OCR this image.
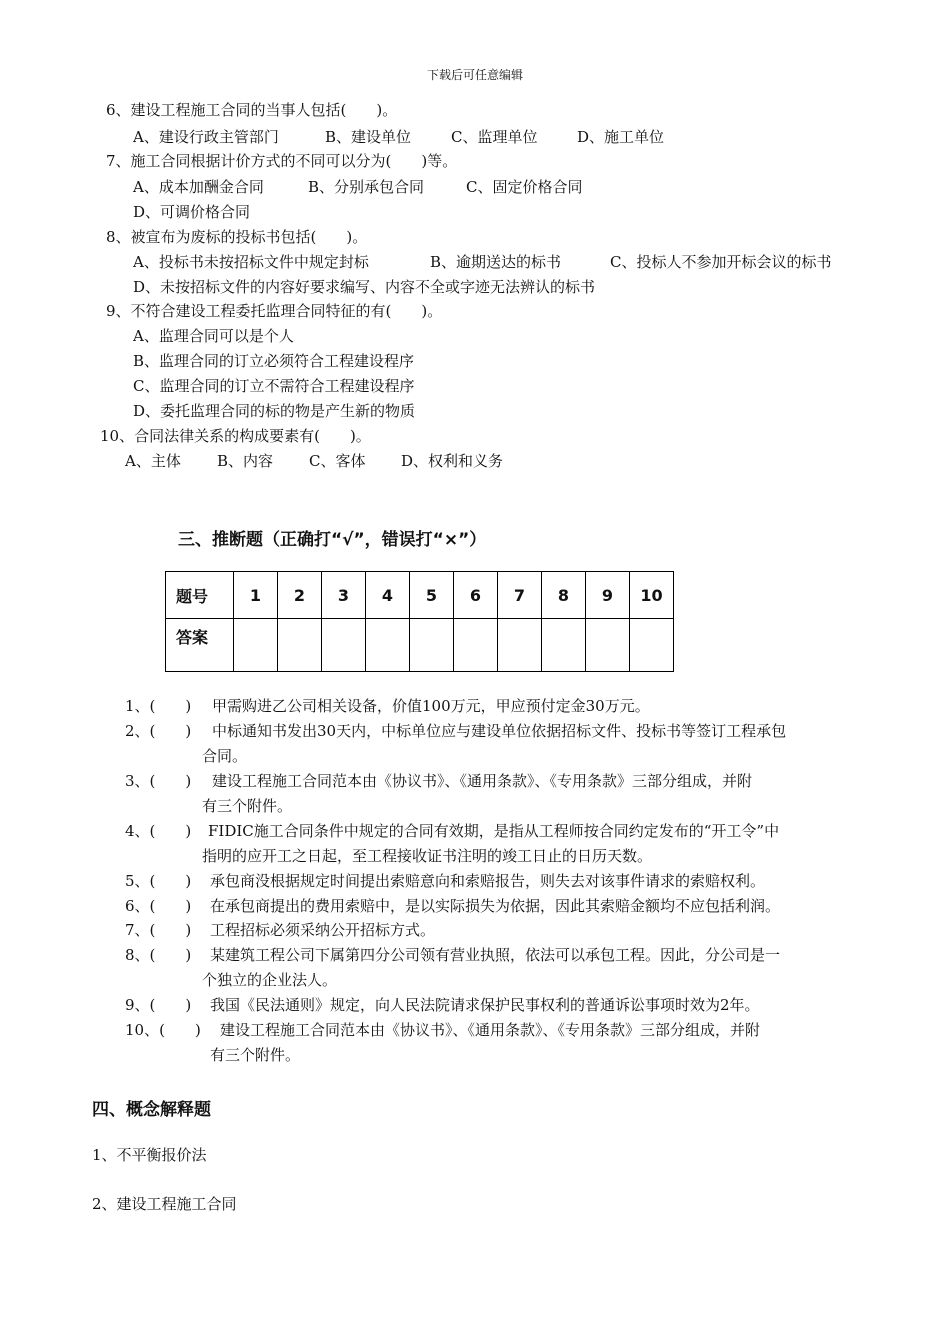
下载后可任意编辑
6、建设工程施工合同的当事人包括(　　)。
A、建设行政主管部门	B、建设单位	C、监理单位	D、施工单位
7、施工合同根据计价方式的不同可以分为(　　)等。
A、成本加酬金合同	B、分别承包合同	C、固定价格合同
D、可调价格合同
8、被宣布为废标的投标书包括(　　)。
A、投标书未按招标文件中规定封标	B、逾期送达的标书	C、投标人不参加开标会议的标书
D、未按招标文件的内容好要求编写、内容不全或字迹无法辨认的标书
9、不符合建设工程委托监理合同特征的有(　　)。
A、监理合同可以是个人
B、监理合同的订立必须符合工程建设程序
C、监理合同的订立不需符合工程建设程序
D、委托监理合同的标的物是产生新的物质
10、合同法律关系的构成要素有(　　)。
A、主体 B、内容 C、客体 D、权利和义务
三、推断题（正确打“√”，错误打“×”）
题号	1	2	3	4	5	6	7	8	9	10
答案										
1、(　　) 甲需购进乙公司相关设备，价值100万元，甲应预付定金30万元。
2、(　　) 中标通知书发出30天内，中标单位应与建设单位依据招标文件、投标书等签订工程承包
合同。
3、(　　) 建设工程施工合同范本由《协议书》、《通用条款》、《专用条款》三部分组成，并附
有三个附件。
4、(　　) FIDIC施工合同条件中规定的合同有效期，是指从工程师按合同约定发布的“开工令”中
指明的应开工之日起，至工程接收证书注明的竣工日止的日历天数。
5、(　　) 承包商没根据规定时间提出索赔意向和索赔报告，则失去对该事件请求的索赔权利。
6、(　　) 在承包商提出的费用索赔中，是以实际损失为依据，因此其索赔金额均不应包括利润。
7、(　　) 工程招标必须采纳公开招标方式。
8、(　　) 某建筑工程公司下属第四分公司领有营业执照，依法可以承包工程。因此，分公司是一
个独立的企业法人。
9、(　　) 我国《民法通则》规定，向人民法院请求保护民事权利的普通诉讼事项时效为2年。
10、(　　) 建设工程施工合同范本由《协议书》、《通用条款》、《专用条款》三部分组成，并附
有三个附件。
四、概念解释题
1、不平衡报价法
2、建设工程施工合同
